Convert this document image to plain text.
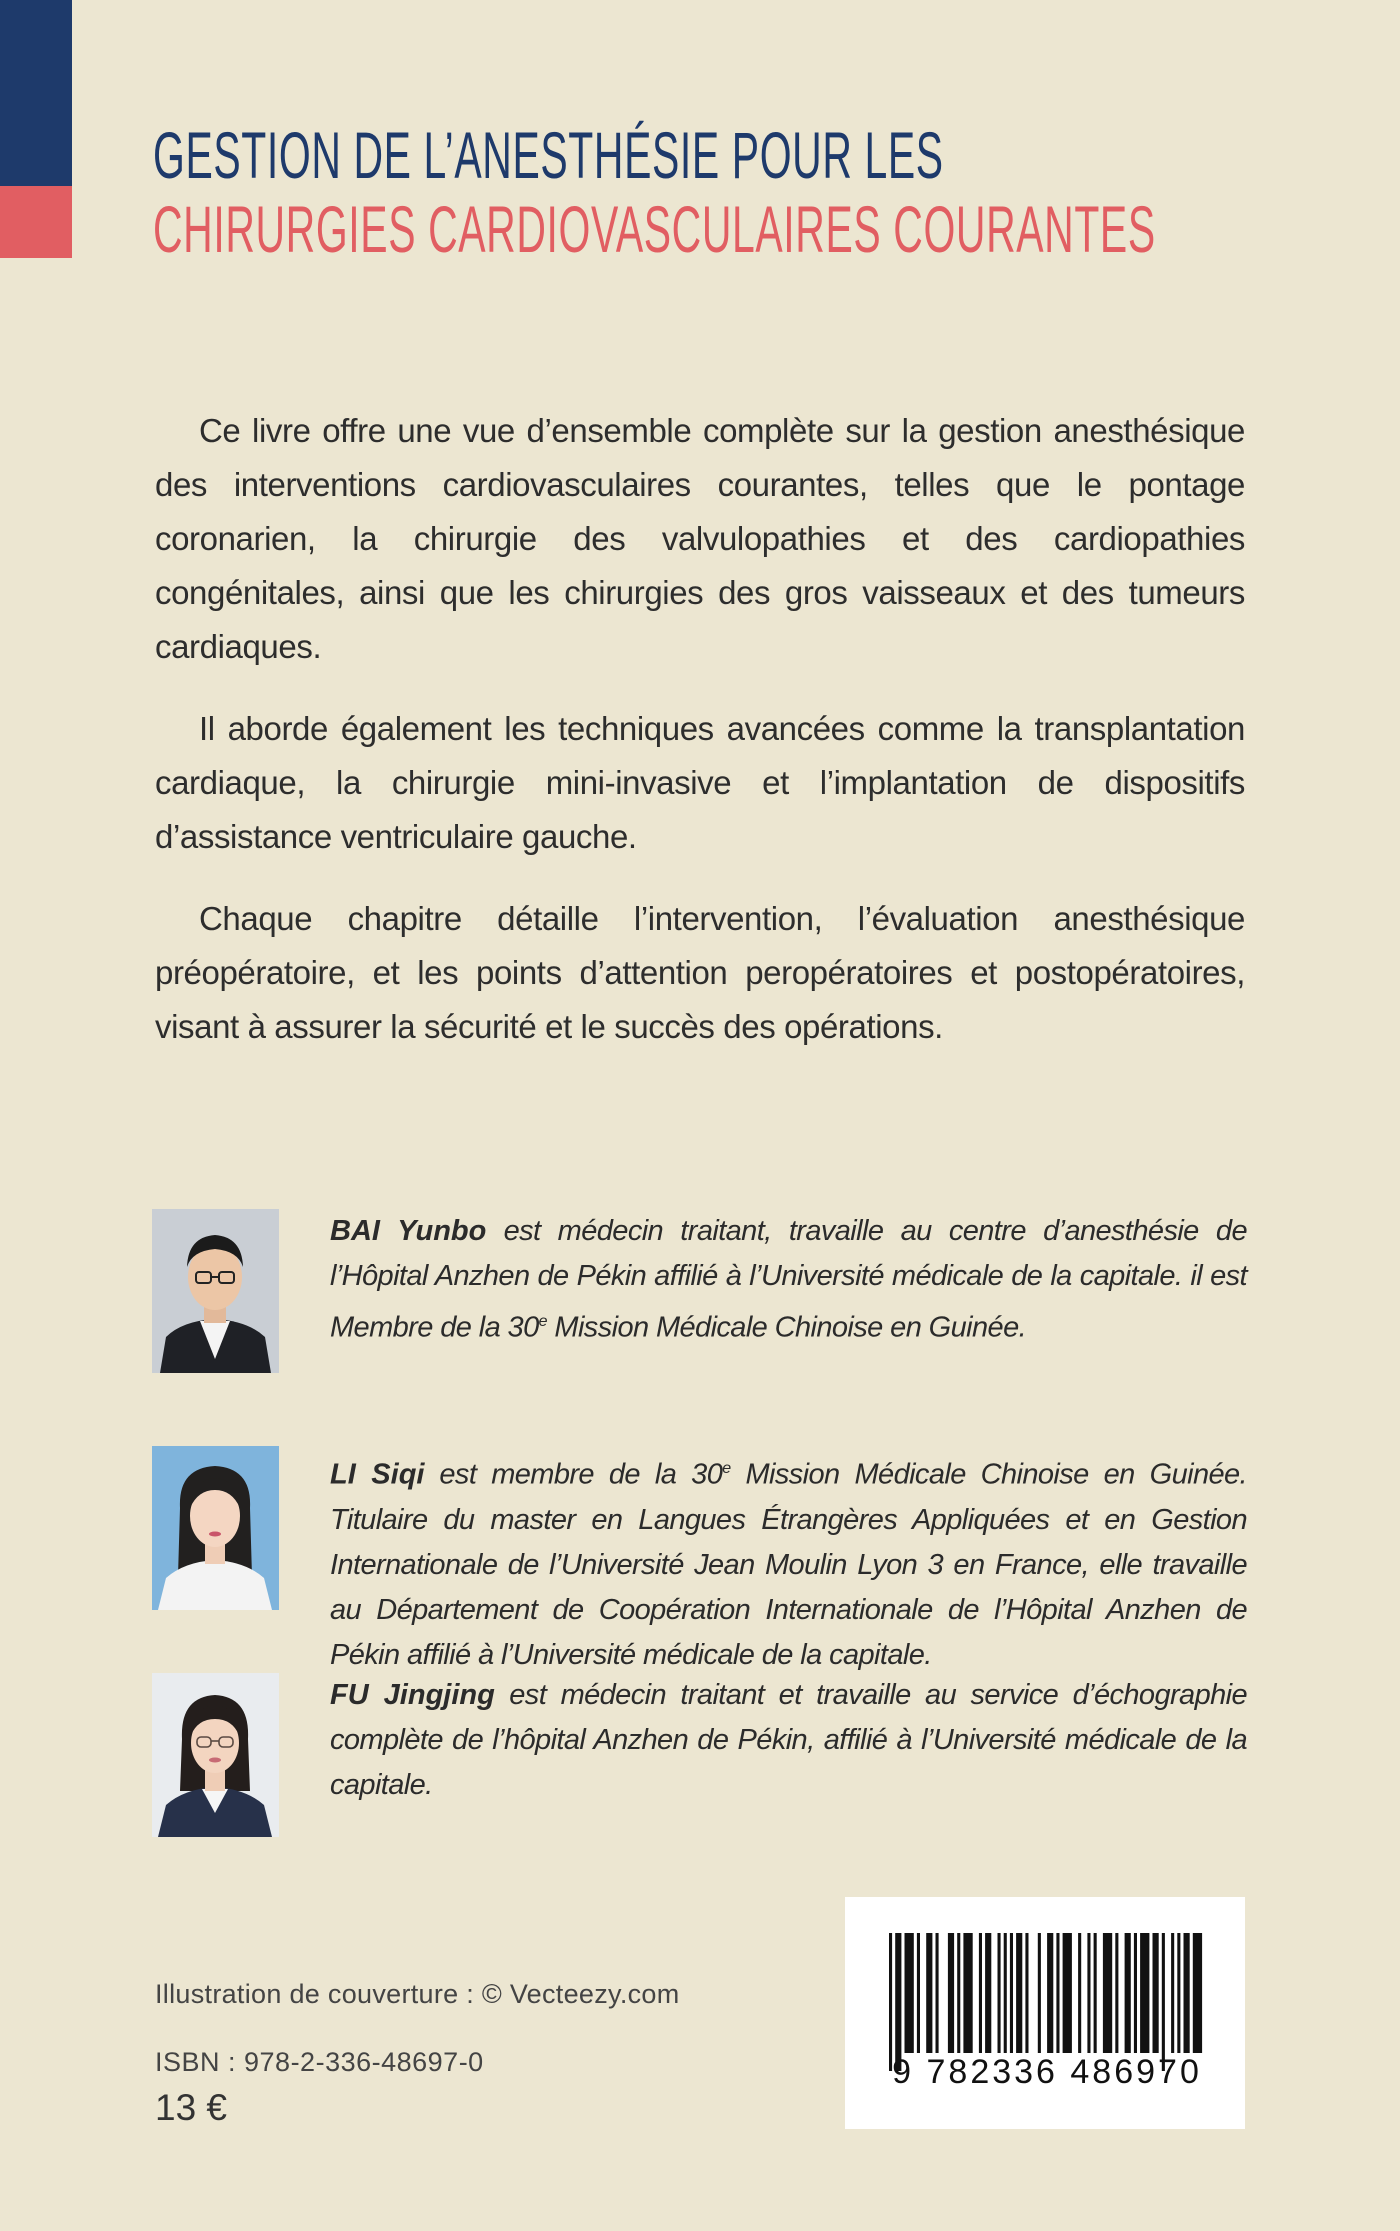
GESTION DE L’ANESTHÉSIE POUR LES
CHIRURGIES CARDIOVASCULAIRES COURANTES

Ce livre offre une vue d’ensemble complète sur la gestion anesthésique des interventions cardiovasculaires courantes, telles que le pontage coronarien, la chirurgie des valvulopathies et des cardiopathies congénitales, ainsi que les chirurgies des gros vaisseaux et des tumeurs cardiaques.

Il aborde également les techniques avancées comme la transplantation cardiaque, la chirurgie mini-invasive et l’implantation de dispositifs d’assistance ventriculaire gauche.

Chaque chapitre détaille l’intervention, l’évaluation anesthésique préopératoire, et les points d’attention peropératoires et postopératoires, visant à assurer la sécurité et le succès des opérations.

BAI Yunbo est médecin traitant, travaille au centre d’anesthésie de l’Hôpital Anzhen de Pékin affilié à l’Université médicale de la capitale. il est Membre de la 30e Mission Médicale Chinoise en Guinée.

LI Siqi est membre de la 30e Mission Médicale Chinoise en Guinée. Titulaire du master en Langues Étrangères Appliquées et en Gestion Internationale de l’Université Jean Moulin Lyon 3 en France, elle travaille au Département de Coopération Internationale de l’Hôpital Anzhen de Pékin affilié à l’Université médicale de la capitale.

FU Jingjing est médecin traitant et travaille au service d’échographie complète de l’hôpital Anzhen de Pékin, affilié à l’Université médicale de la capitale.

Illustration de couverture : © Vecteezy.com
ISBN : 978-2-336-48697-0
13 €
9 782336 486970
